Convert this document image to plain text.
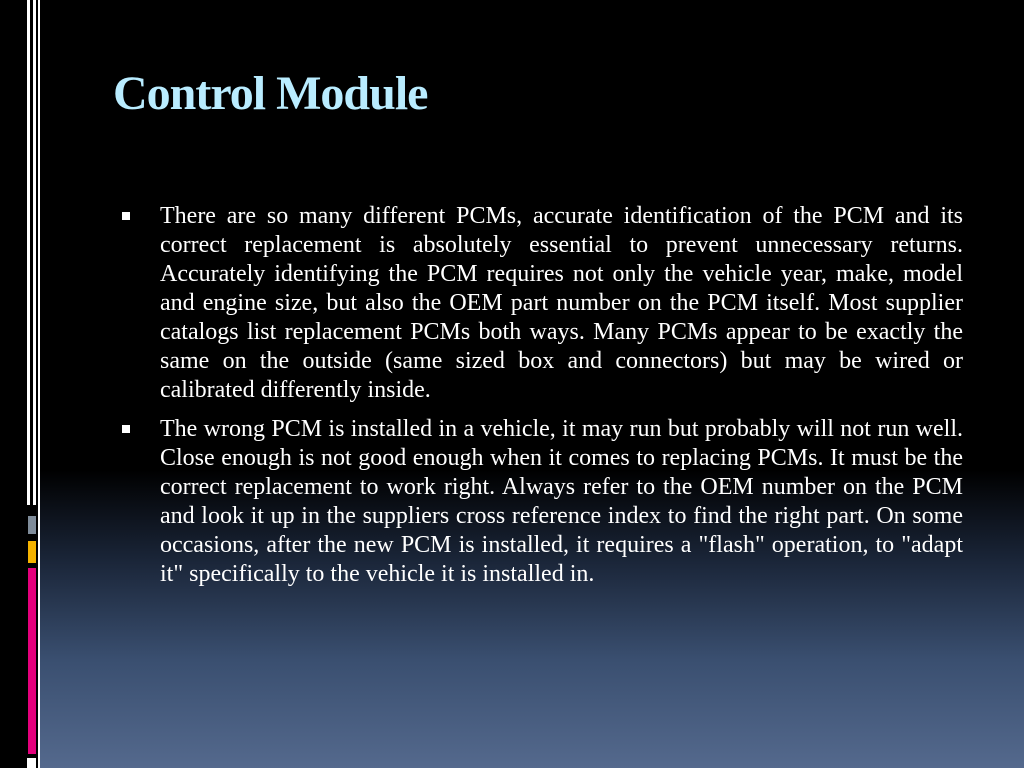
Control Module
There are so many different PCMs, accurate identification of the PCM and its correct replacement is absolutely essential to prevent unnecessary returns. Accurately identifying the PCM requires not only the vehicle year, make, model and engine size, but also the OEM part number on the PCM itself. Most supplier catalogs list replacement PCMs both ways. Many PCMs appear to be exactly the same on the outside (same sized box and connectors) but may be wired or calibrated differently inside.
The wrong PCM is installed in a vehicle, it may run but probably will not run well. Close enough is not good enough when it comes to replacing PCMs. It must be the correct replacement to work right. Always refer to the OEM number on the PCM and look it up in the suppliers cross reference index to find the right part. On some occasions, after the new PCM is installed, it requires a "flash" operation, to "adapt it" specifically to the vehicle it is installed in.
